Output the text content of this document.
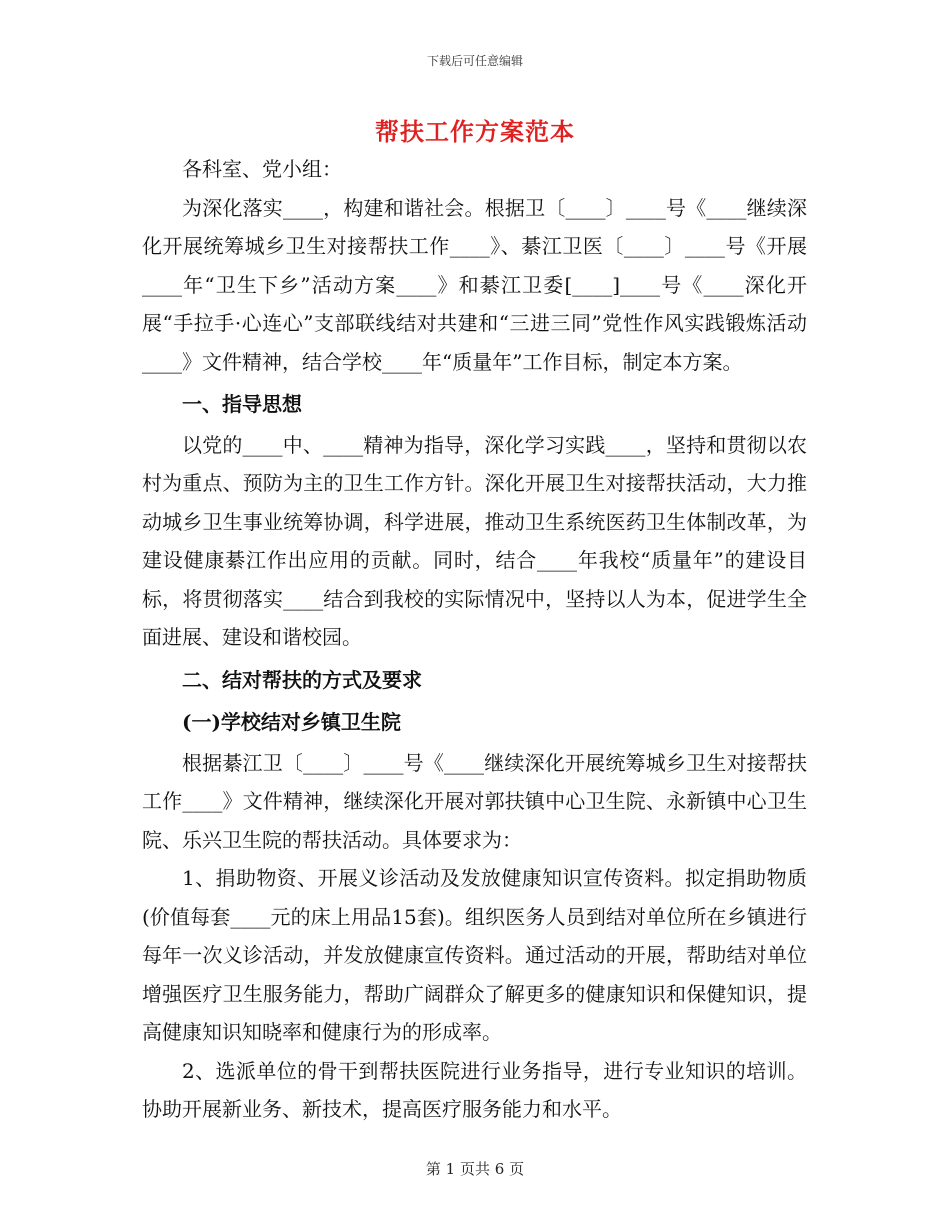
下载后可任意编辑
帮扶工作方案范本

各科室、党小组：

为深化落实____，构建和谐社会。根据卫〔____〕____号《____继续深化开展统筹城乡卫生对接帮扶工作____》、綦江卫医〔____〕____号《开展____年“卫生下乡”活动方案____》和綦江卫委[____]____号《____深化开展“手拉手·心连心”支部联线结对共建和“三进三同”党性作风实践锻炼活动____》文件精神，结合学校____年“质量年”工作目标，制定本方案。

一、指导思想

以党的____中、____精神为指导，深化学习实践____，坚持和贯彻以农村为重点、预防为主的卫生工作方针。深化开展卫生对接帮扶活动，大力推动城乡卫生事业统筹协调，科学进展，推动卫生系统医药卫生体制改革，为建设健康綦江作出应用的贡献。同时，结合____年我校“质量年”的建设目标，将贯彻落实____结合到我校的实际情况中，坚持以人为本，促进学生全面进展、建设和谐校园。

二、结对帮扶的方式及要求

(一)学校结对乡镇卫生院

根据綦江卫〔____〕____号《____继续深化开展统筹城乡卫生对接帮扶工作____》文件精神，继续深化开展对郭扶镇中心卫生院、永新镇中心卫生院、乐兴卫生院的帮扶活动。具体要求为：

1、捐助物资、开展义诊活动及发放健康知识宣传资料。拟定捐助物质(价值每套____元的床上用品15套)。组织医务人员到结对单位所在乡镇进行每年一次义诊活动，并发放健康宣传资料。通过活动的开展，帮助结对单位增强医疗卫生服务能力，帮助广阔群众了解更多的健康知识和保健知识，提高健康知识知晓率和健康行为的形成率。

2、选派单位的骨干到帮扶医院进行业务指导，进行专业知识的培训。协助开展新业务、新技术，提高医疗服务能力和水平。

第 1 页共 6 页
